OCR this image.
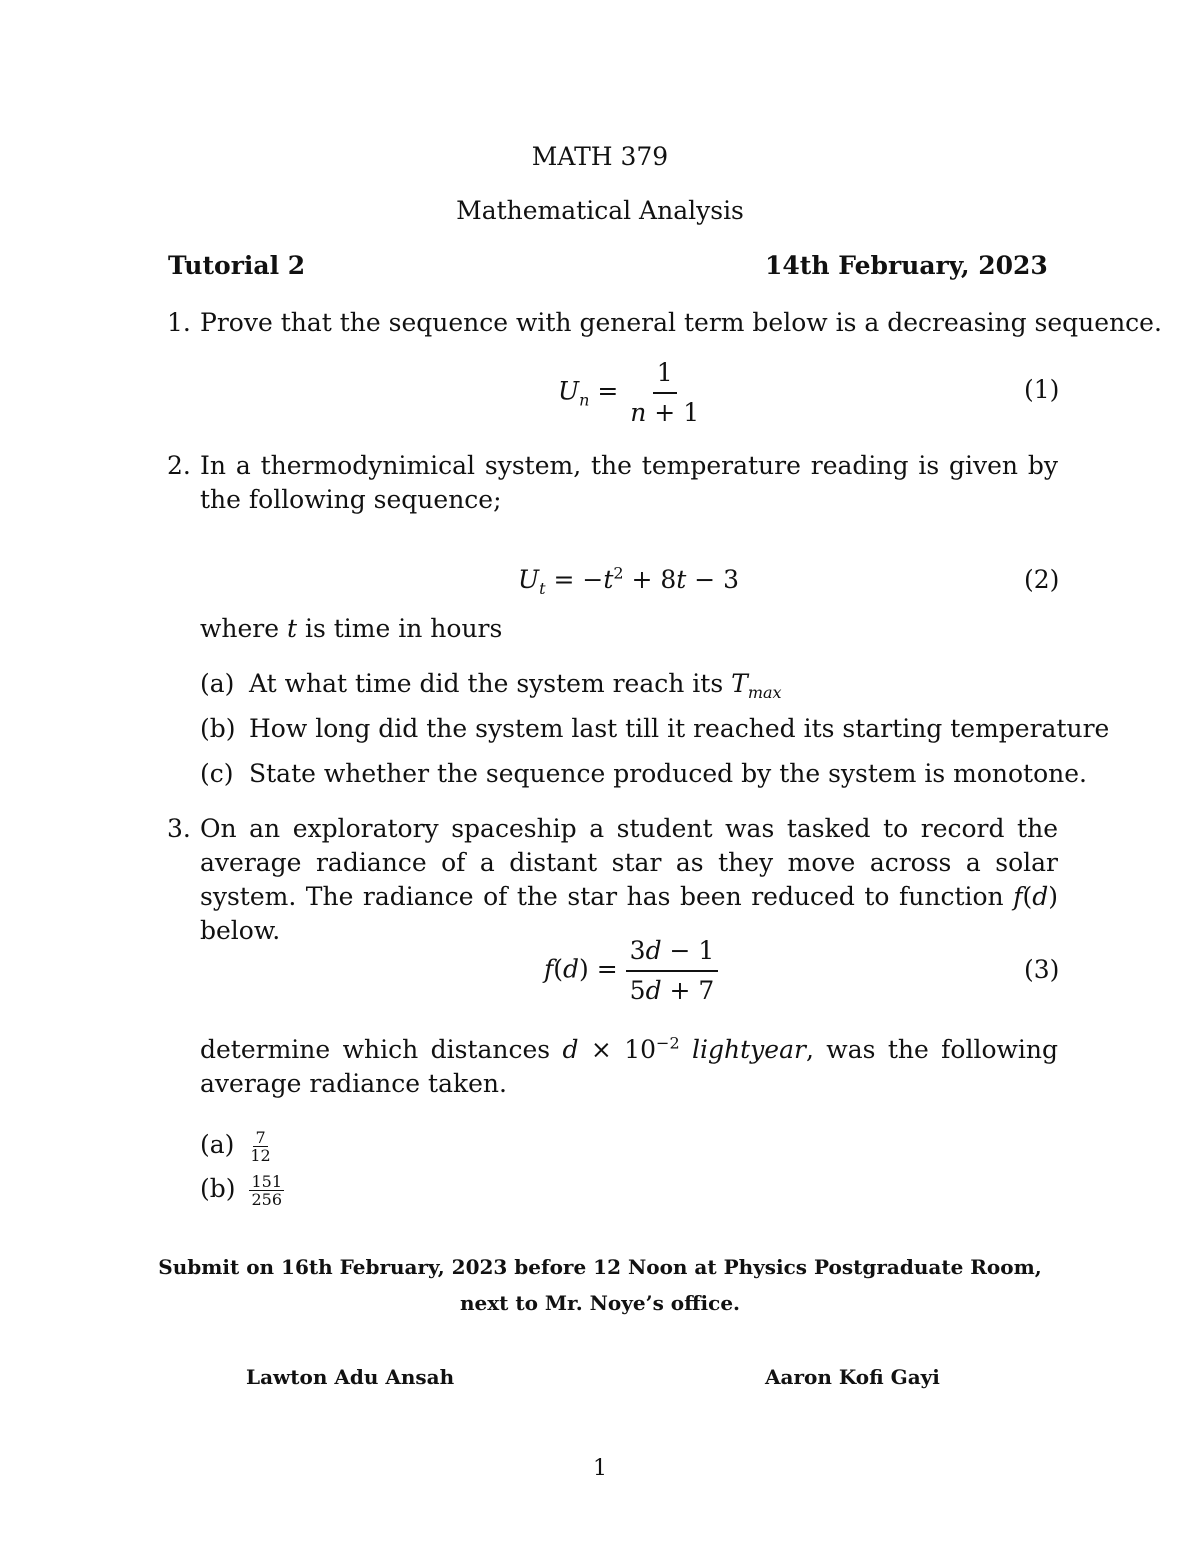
MATH 379
Mathematical Analysis
Tutorial 2	14th February, 2023
1. Prove that the sequence with general term below is a decreasing sequence.
$U_n = \frac{1}{n + 1}$	(1)
2. In a thermodynimical system, the temperature reading is given by the following sequence;
$U_t = -t^2 + 8t - 3$	(2)
where t is time in hours
(a) At what time did the system reach its $T_{max}$
(b) How long did the system last till it reached its starting temperature
(c) State whether the sequence produced by the system is monotone.
3. On an exploratory spaceship a student was tasked to record the average radiance of a distant star as they move across a solar system. The radiance of the star has been reduced to function f(d) below.
$f(d) = \frac{3d - 1}{5d + 7}$	(3)
determine which distances $d \times 10^{-2}$ lightyear, was the following average radiance taken.
$(a) \frac{7}{12}$
$(b) \frac{151}{256}$
Submit on 16th February, 2023 before 12 Noon at Physics Postgraduate Room,
next to Mr. Noye’s office.
Lawton Adu Ansah	Aaron Kofi Gayi
1
